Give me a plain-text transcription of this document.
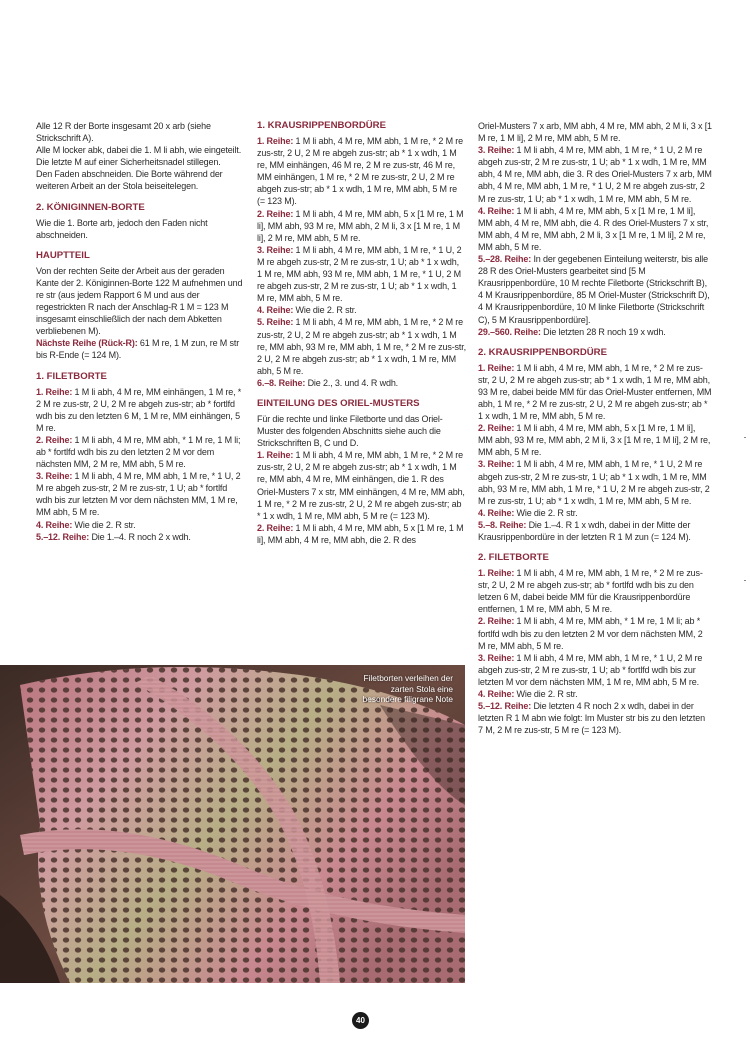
Alle 12 R der Borte insgesamt 20 x arb (siehe Strickschrift A).

Alle M locker abk, dabei die 1. M li abh, wie eingeteilt. Die letzte M auf einer Sicherheitsnadel stillegen.

Den Faden abschneiden. Die Borte während der weiteren Arbeit an der Stola beiseitelegen.

2. KÖNIGINNEN-BORTE

Wie die 1. Borte arb, jedoch den Faden nicht abschneiden.

HAUPTTEIL

Von der rechten Seite der Arbeit aus der geraden Kante der 2. Königinnen-Borte 122 M aufnehmen und re str (aus jedem Rapport 6 M und aus der regestrickten R nach der Anschlag-R 1 M = 123 M insgesamt einschließlich der nach dem Abketten verbliebenen M).

Nächste Reihe (Rück-R): 61 M re, 1 M zun, re M str bis R-Ende (= 124 M).

1. FILETBORTE

1. Reihe: 1 M li abh, 4 M re, MM einhängen, 1 M re, * 2 M re zus-str, 2 U, 2 M re abgeh zus-str; ab * fortlfd wdh bis zu den letzten 6 M, 1 M re, MM einhängen, 5 M re.

2. Reihe: 1 M li abh, 4 M re, MM abh, * 1 M re, 1 M li; ab * fortlfd wdh bis zu den letzten 2 M vor dem nächsten MM, 2 M re, MM abh, 5 M re.

3. Reihe: 1 M li abh, 4 M re, MM abh, 1 M re, * 1 U, 2 M re abgeh zus-str, 2 M re zus-str, 1 U; ab * fortlfd wdh bis zur letzten M vor dem nächsten MM, 1 M re, MM abh, 5 M re.

4. Reihe: Wie die 2. R str.

5.–12. Reihe: Die 1.–4. R noch 2 x wdh.

1. KRAUSRIPPENBORDÜRE

1. Reihe: 1 M li abh, 4 M re, MM abh, 1 M re, * 2 M re zus-str, 2 U, 2 M re abgeh zus-str; ab * 1 x wdh, 1 M re, MM einhängen, 46 M re, 2 M re zus-str, 46 M re, MM einhängen, 1 M re, * 2 M re zus-str, 2 U, 2 M re abgeh zus-str; ab * 1 x wdh, 1 M re, MM abh, 5 M re (= 123 M).

2. Reihe: 1 M li abh, 4 M re, MM abh, 5 x [1 M re, 1 M li], MM abh, 93 M re, MM abh, 2 M li, 3 x [1 M re, 1 M li], 2 M re, MM abh, 5 M re.

3. Reihe: 1 M li abh, 4 M re, MM abh, 1 M re, * 1 U, 2 M re abgeh zus-str, 2 M re zus-str, 1 U; ab * 1 x wdh, 1 M re, MM abh, 93 M re, MM abh, 1 M re, * 1 U, 2 M re abgeh zus-str, 2 M re zus-str, 1 U; ab * 1 x wdh, 1 M re, MM abh, 5 M re.

4. Reihe: Wie die 2. R str.

5. Reihe: 1 M li abh, 4 M re, MM abh, 1 M re, * 2 M re zus-str, 2 U, 2 M re abgeh zus-str; ab * 1 x wdh, 1 M re, MM abh, 93 M re, MM abh, 1 M re, * 2 M re zus-str, 2 U, 2 M re abgeh zus-str; ab * 1 x wdh, 1 M re, MM abh, 5 M re.

6.–8. Reihe: Die 2., 3. und 4. R wdh.

EINTEILUNG DES ORIEL-MUSTERS

Für die rechte und linke Filetborte und das Oriel-Muster des folgenden Abschnitts siehe auch die Strickschriften B, C und D.

1. Reihe: 1 M li abh, 4 M re, MM abh, 1 M re, * 2 M re zus-str, 2 U, 2 M re abgeh zus-str; ab * 1 x wdh, 1 M re, MM abh, 4 M re, MM einhängen, die 1. R des Oriel-Musters 7 x str, MM einhängen, 4 M re, MM abh, 1 M re, * 2 M re zus-str, 2 U, 2 M re abgeh zus-str; ab * 1 x wdh, 1 M re, MM abh, 5 M re (= 123 M).

2. Reihe: 1 M li abh, 4 M re, MM abh, 5 x [1 M re, 1 M li], MM abh, 4 M re, MM abh, die 2. R des

Oriel-Musters 7 x arb, MM abh, 4 M re, MM abh, 2 M li, 3 x [1 M re, 1 M li], 2 M re, MM abh, 5 M re.

3. Reihe: 1 M li abh, 4 M re, MM abh, 1 M re, * 1 U, 2 M re abgeh zus-str, 2 M re zus-str, 1 U; ab * 1 x wdh, 1 M re, MM abh, 4 M re, MM abh, die 3. R des Oriel-Musters 7 x arb, MM abh, 4 M re, MM abh, 1 M re, * 1 U, 2 M re abgeh zus-str, 2 M re zus-str, 1 U; ab * 1 x wdh, 1 M re, MM abh, 5 M re.

4. Reihe: 1 M li abh, 4 M re, MM abh, 5 x [1 M re, 1 M li], MM abh, 4 M re, MM abh, die 4. R des Oriel-Musters 7 x str, MM abh, 4 M re, MM abh, 2 M li, 3 x [1 M re, 1 M li], 2 M re, MM abh, 5 M re.

5.–28. Reihe: In der gegebenen Einteilung weiterstr, bis alle 28 R des Oriel-Musters gearbeitet sind [5 M Krausrippenbordüre, 10 M rechte Filetborte (Strickschrift B), 4 M Krausrippenbordüre, 85 M Oriel-Muster (Strickschrift D), 4 M Krausrippenbordüre, 10 M linke Filetborte (Strickschrift C), 5 M Krausrippenbordüre].

29.–560. Reihe: Die letzten 28 R noch 19 x wdh.

2. KRAUSRIPPENBORDÜRE

1. Reihe: 1 M li abh, 4 M re, MM abh, 1 M re, * 2 M re zus-str, 2 U, 2 M re abgeh zus-str; ab * 1 x wdh, 1 M re, MM abh, 93 M re, dabei beide MM für das Oriel-Muster entfernen, MM abh, 1 M re, * 2 M re zus-str, 2 U, 2 M re abgeh zus-str; ab * 1 x wdh, 1 M re, MM abh, 5 M re.

2. Reihe: 1 M li abh, 4 M re, MM abh, 5 x [1 M re, 1 M li], MM abh, 93 M re, MM abh, 2 M li, 3 x [1 M re, 1 M li], 2 M re, MM abh, 5 M re.

3. Reihe: 1 M li abh, 4 M re, MM abh, 1 M re, * 1 U, 2 M re abgeh zus-str, 2 M re zus-str, 1 U; ab * 1 x wdh, 1 M re, MM abh, 93 M re, MM abh, 1 M re, * 1 U, 2 M re abgeh zus-str, 2 M re zus-str, 1 U; ab * 1 x wdh, 1 M re, MM abh, 5 M re.

4. Reihe: Wie die 2. R str.

5.–8. Reihe: Die 1.–4. R 1 x wdh, dabei in der Mitte der Krausrippenbordüre in der letzten R 1 M zun (= 124 M).

2. FILETBORTE

1. Reihe: 1 M li abh, 4 M re, MM abh, 1 M re, * 2 M re zus-str, 2 U, 2 M re abgeh zus-str; ab * fortlfd wdh bis zu den letzen 6 M, dabei beide MM für die Krausrippenbordüre entfernen, 1 M re, MM abh, 5 M re.

2. Reihe: 1 M li abh, 4 M re, MM abh, * 1 M re, 1 M li; ab * fortlfd wdh bis zu den letzten 2 M vor dem nächsten MM, 2 M re, MM abh, 5 M re.

3. Reihe: 1 M li abh, 4 M re, MM abh, 1 M re, * 1 U, 2 M re abgeh zus-str, 2 M re zus-str, 1 U; ab * fortlfd wdh bis zur letzten M vor dem nächsten MM, 1 M re, MM abh, 5 M re.

4. Reihe: Wie die 2. R str.

5.–12. Reihe: Die letzten 4 R noch 2 x wdh, dabei in der letzten R 1 M abn wie folgt: Im Muster str bis zu den letzten 7 M, 2 M re zus-str, 5 M re (= 123 M).

Filetborten verleihen der zarten Stola eine besondere filigrane Note
40
